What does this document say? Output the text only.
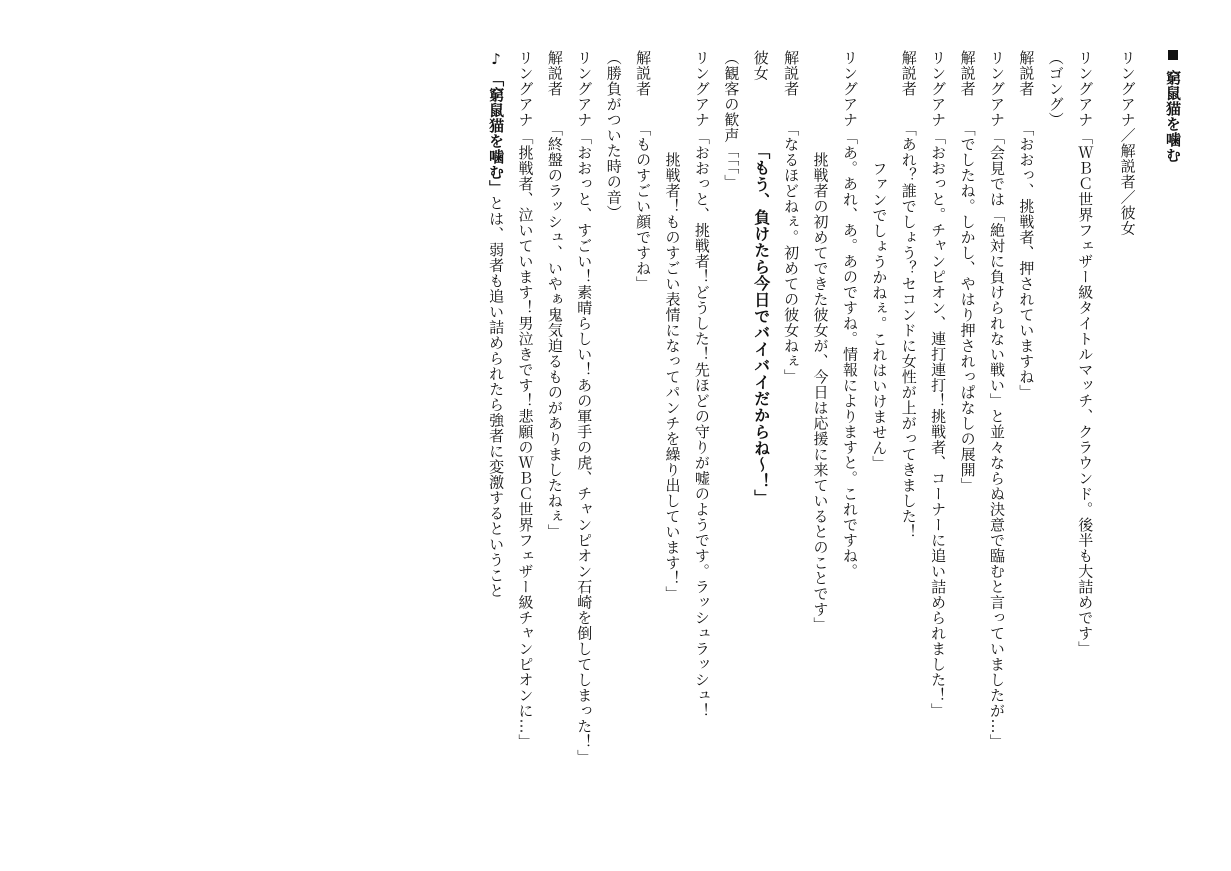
窮鼠猫を噛む
リングアナ／解説者／彼女
リングアナ「ＷＢＣ世界フェザー級タイトルマッチ、クラウンド。後半も大詰めです」
（ゴング）
解説者「おおっ、挑戦者、押されていますね」
リングアナ「会見では「絶対に負けられない戦い」と並々ならぬ決意で臨むと言っていましたが…」
解説者「でしたね。しかし、やはり押されっぱなしの展開」
リングアナ「おおっと。チャンピオン、連打連打！挑戦者、コーナーに追い詰められました！」
解説者「あれ？誰でしょう？セコンドに女性が上がってきました！
ファンでしょうかねぇ。これはいけません」
リングアナ「あ。あれ、あ。あのですね。情報によりますと。これですね。
挑戦者の初めてできた彼女が、今日は応援に来ているとのことです」
解説者「なるほどねぇ。初めての彼女ねぇ」
彼女「もう、負けたら今日でバイバイだからね～！」
（観客の歓声「「「」
リングアナ「おおっと、挑戦者！どうした！先ほどの守りが嘘のようです。ラッシュラッシュ！
挑戦者！ものすごい表情になってパンチを繰り出しています！」
解説者「ものすごい顔ですね」
（勝負がついた時の音）
リングアナ「おおっと、すごい！素晴らしい！あの軍手の虎、チャンピオン石崎を倒してしまった！」
解説者「終盤のラッシュ、いやぁ鬼気迫るものがありましたねぇ」
リングアナ「挑戦者、泣いています！男泣きです！悲願のＷＢＣ世界フェザー級チャンピオンに…」
♪「窮鼠猫を噛む」とは、弱者も追い詰められたら強者に変激するということ
